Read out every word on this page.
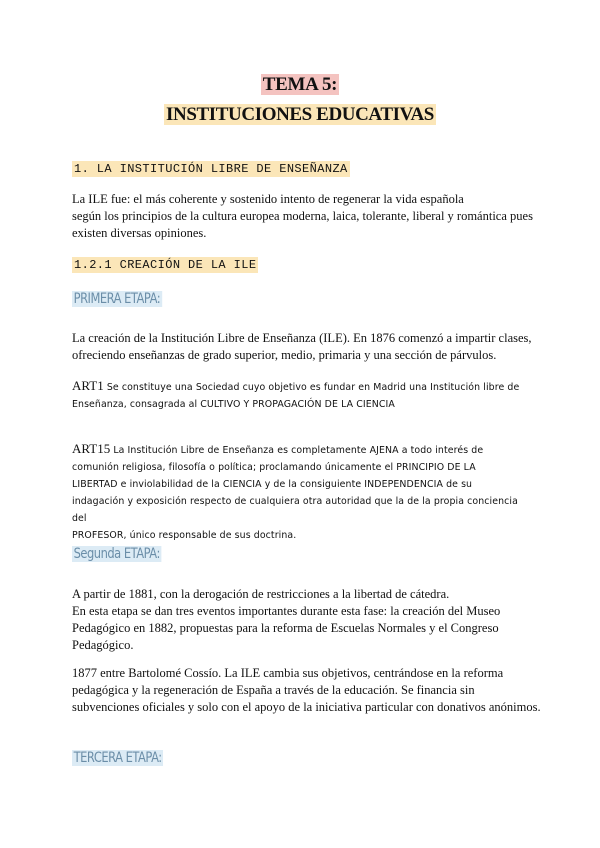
TEMA 5:
INSTITUCIONES EDUCATIVAS
1. LA INSTITUCIÓN LIBRE DE ENSEÑANZA
La ILE fue: el más coherente y sostenido intento de regenerar la vida española
según los principios de la cultura europea moderna, laica, tolerante, liberal y romántica pues
existen diversas opiniones.
1.2.1 CREACIÓN DE LA ILE
PRIMERA ETAPA:
La creación de la Institución Libre de Enseñanza (ILE). En 1876 comenzó a impartir clases,
ofreciendo enseñanzas de grado superior, medio, primaria y una sección de párvulos.
ART1 Se constituye una Sociedad cuyo objetivo es fundar en Madrid una Institución libre de
Enseñanza, consagrada al CULTIVO Y PROPAGACIÓN DE LA CIENCIA
ART15 La Institución Libre de Enseñanza es completamente AJENA a todo interés de
comunión religiosa, filosofía o política; proclamando únicamente el PRINCIPIO DE LA
LIBERTAD e inviolabilidad de la CIENCIA y de la consiguiente INDEPENDENCIA de su
indagación y exposición respecto de cualquiera otra autoridad que la de la propia conciencia del
PROFESOR, único responsable de sus doctrina.
Segunda ETAPA:
A partir de 1881, con la derogación de restricciones a la libertad de cátedra.
En esta etapa se dan tres eventos importantes durante esta fase: la creación del Museo
Pedagógico en 1882, propuestas para la reforma de Escuelas Normales y el Congreso
Pedagógico.
1877 entre Bartolomé Cossío. La ILE cambia sus objetivos, centrándose en la reforma
pedagógica y la regeneración de España a través de la educación. Se financia sin
subvenciones oficiales y solo con el apoyo de la iniciativa particular con donativos anónimos.
TERCERA ETAPA:
